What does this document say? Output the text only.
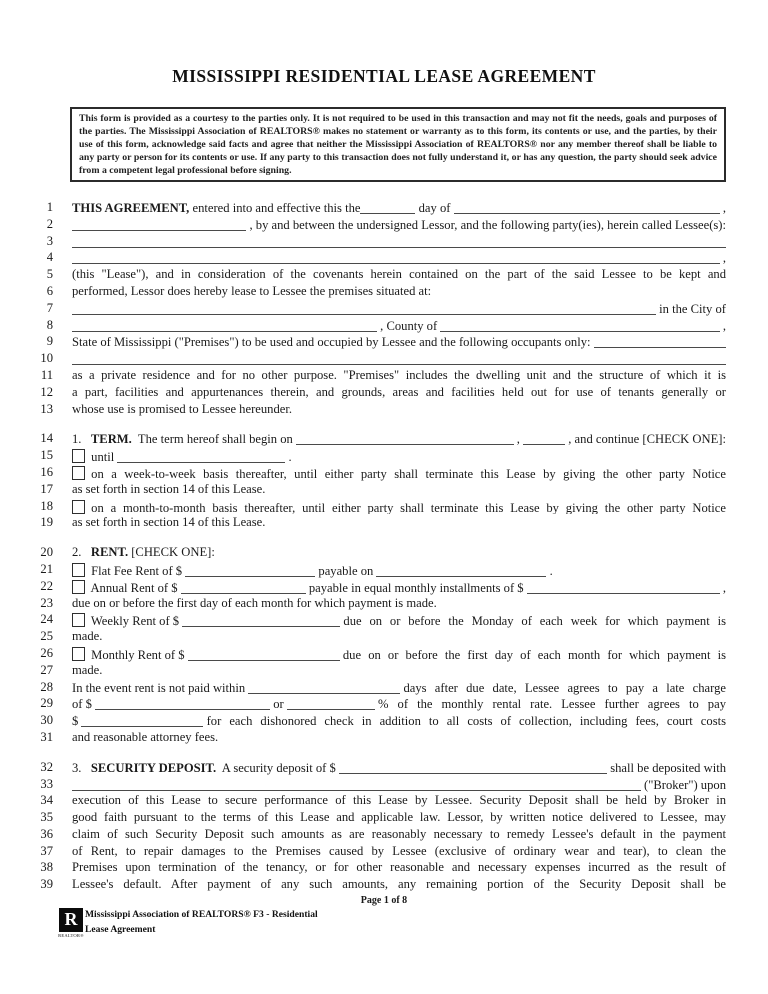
MISSISSIPPI RESIDENTIAL LEASE AGREEMENT
This form is provided as a courtesy to the parties only. It is not required to be used in this transaction and may not fit the needs, goals and purposes of the parties. The Mississippi Association of REALTORS® makes no statement or warranty as to this form, its contents or use, and the parties, by their use of this form, acknowledge said facts and agree that neither the Mississippi Association of REALTORS® nor any member thereof shall be liable to any party or person for its contents or use. If any party to this transaction does not fully understand it, or has any question, the party should seek advice from a competent legal professional before signing.
1 THIS AGREEMENT, entered into and effective this the	day of	,
2	, by and between the undersigned Lessor, and the following party(ies), herein called Lessee(s):
3
4	,
5 (this "Lease"), and in consideration of the covenants herein contained on the part of the said Lessee to be kept and
6 performed, Lessor does hereby lease to Lessee the premises situated at:
7	in the City of
8	, County of	,
9 State of Mississippi ("Premises") to be used and occupied by Lessee and the following occupants only:
10
11 as a private residence and for no other purpose. "Premises" includes the dwelling unit and the structure of which it is
12 a part, facilities and appurtenances therein, and grounds, areas and facilities held out for use of tenants generally or
13 whose use is promised to Lessee hereunder.
14 1. TERM. The term hereof shall begin on	,	, and continue [CHECK ONE]:
15	until	.
16
	on a week-to-week basis thereafter, until either party shall terminate this Lease by giving the other party Notice
17 as set forth in section 14 of this Lease.
18
	on a month-to-month basis thereafter, until either party shall terminate this Lease by giving the other party Notice
19 as set forth in section 14 of this Lease.
20 2. RENT. [CHECK ONE]:
21	Flat Fee Rent of $	payable on	.
22	Annual Rent of $	payable in equal monthly installments of $	,
23 due on or before the first day of each month for which payment is made.
24	Weekly Rent of $
	due on or before the Monday of each week for which payment is
25 made.
26	Monthly Rent of $
	due on or before the first day of each month for which payment is
27 made.
28 In the event rent is not paid within
	days after due date, Lessee agrees to pay a late charge
29 of $	or
	% of the monthly rental rate. Lessee further agrees to pay
30 $
	for each dishonored check in addition to all costs of collection, including fees, court costs
31 and reasonable attorney fees.
32 3. SECURITY DEPOSIT. A security deposit of $	shall be deposited with
33	("Broker") upon
34 execution of this Lease to secure performance of this Lease by Lessee. Security Deposit shall be held by Broker in
35 good faith pursuant to the terms of this Lease and applicable law. Lessor, by written notice delivered to Lessee, may
36 claim of such Security Deposit such amounts as are reasonably necessary to remedy Lessee's default in the payment
37 of Rent, to repair damages to the Premises caused by Lessee (exclusive of ordinary wear and tear), to clean the
38 Premises upon termination of the tenancy, or for other reasonable and necessary expenses incurred as the result of
39 Lessee's default. After payment of any such amounts, any remaining portion of the Security Deposit shall be
Page 1 of 8
R
REALTOR®
Mississippi Association of REALTORS® F3 - Residential
Lease Agreement
